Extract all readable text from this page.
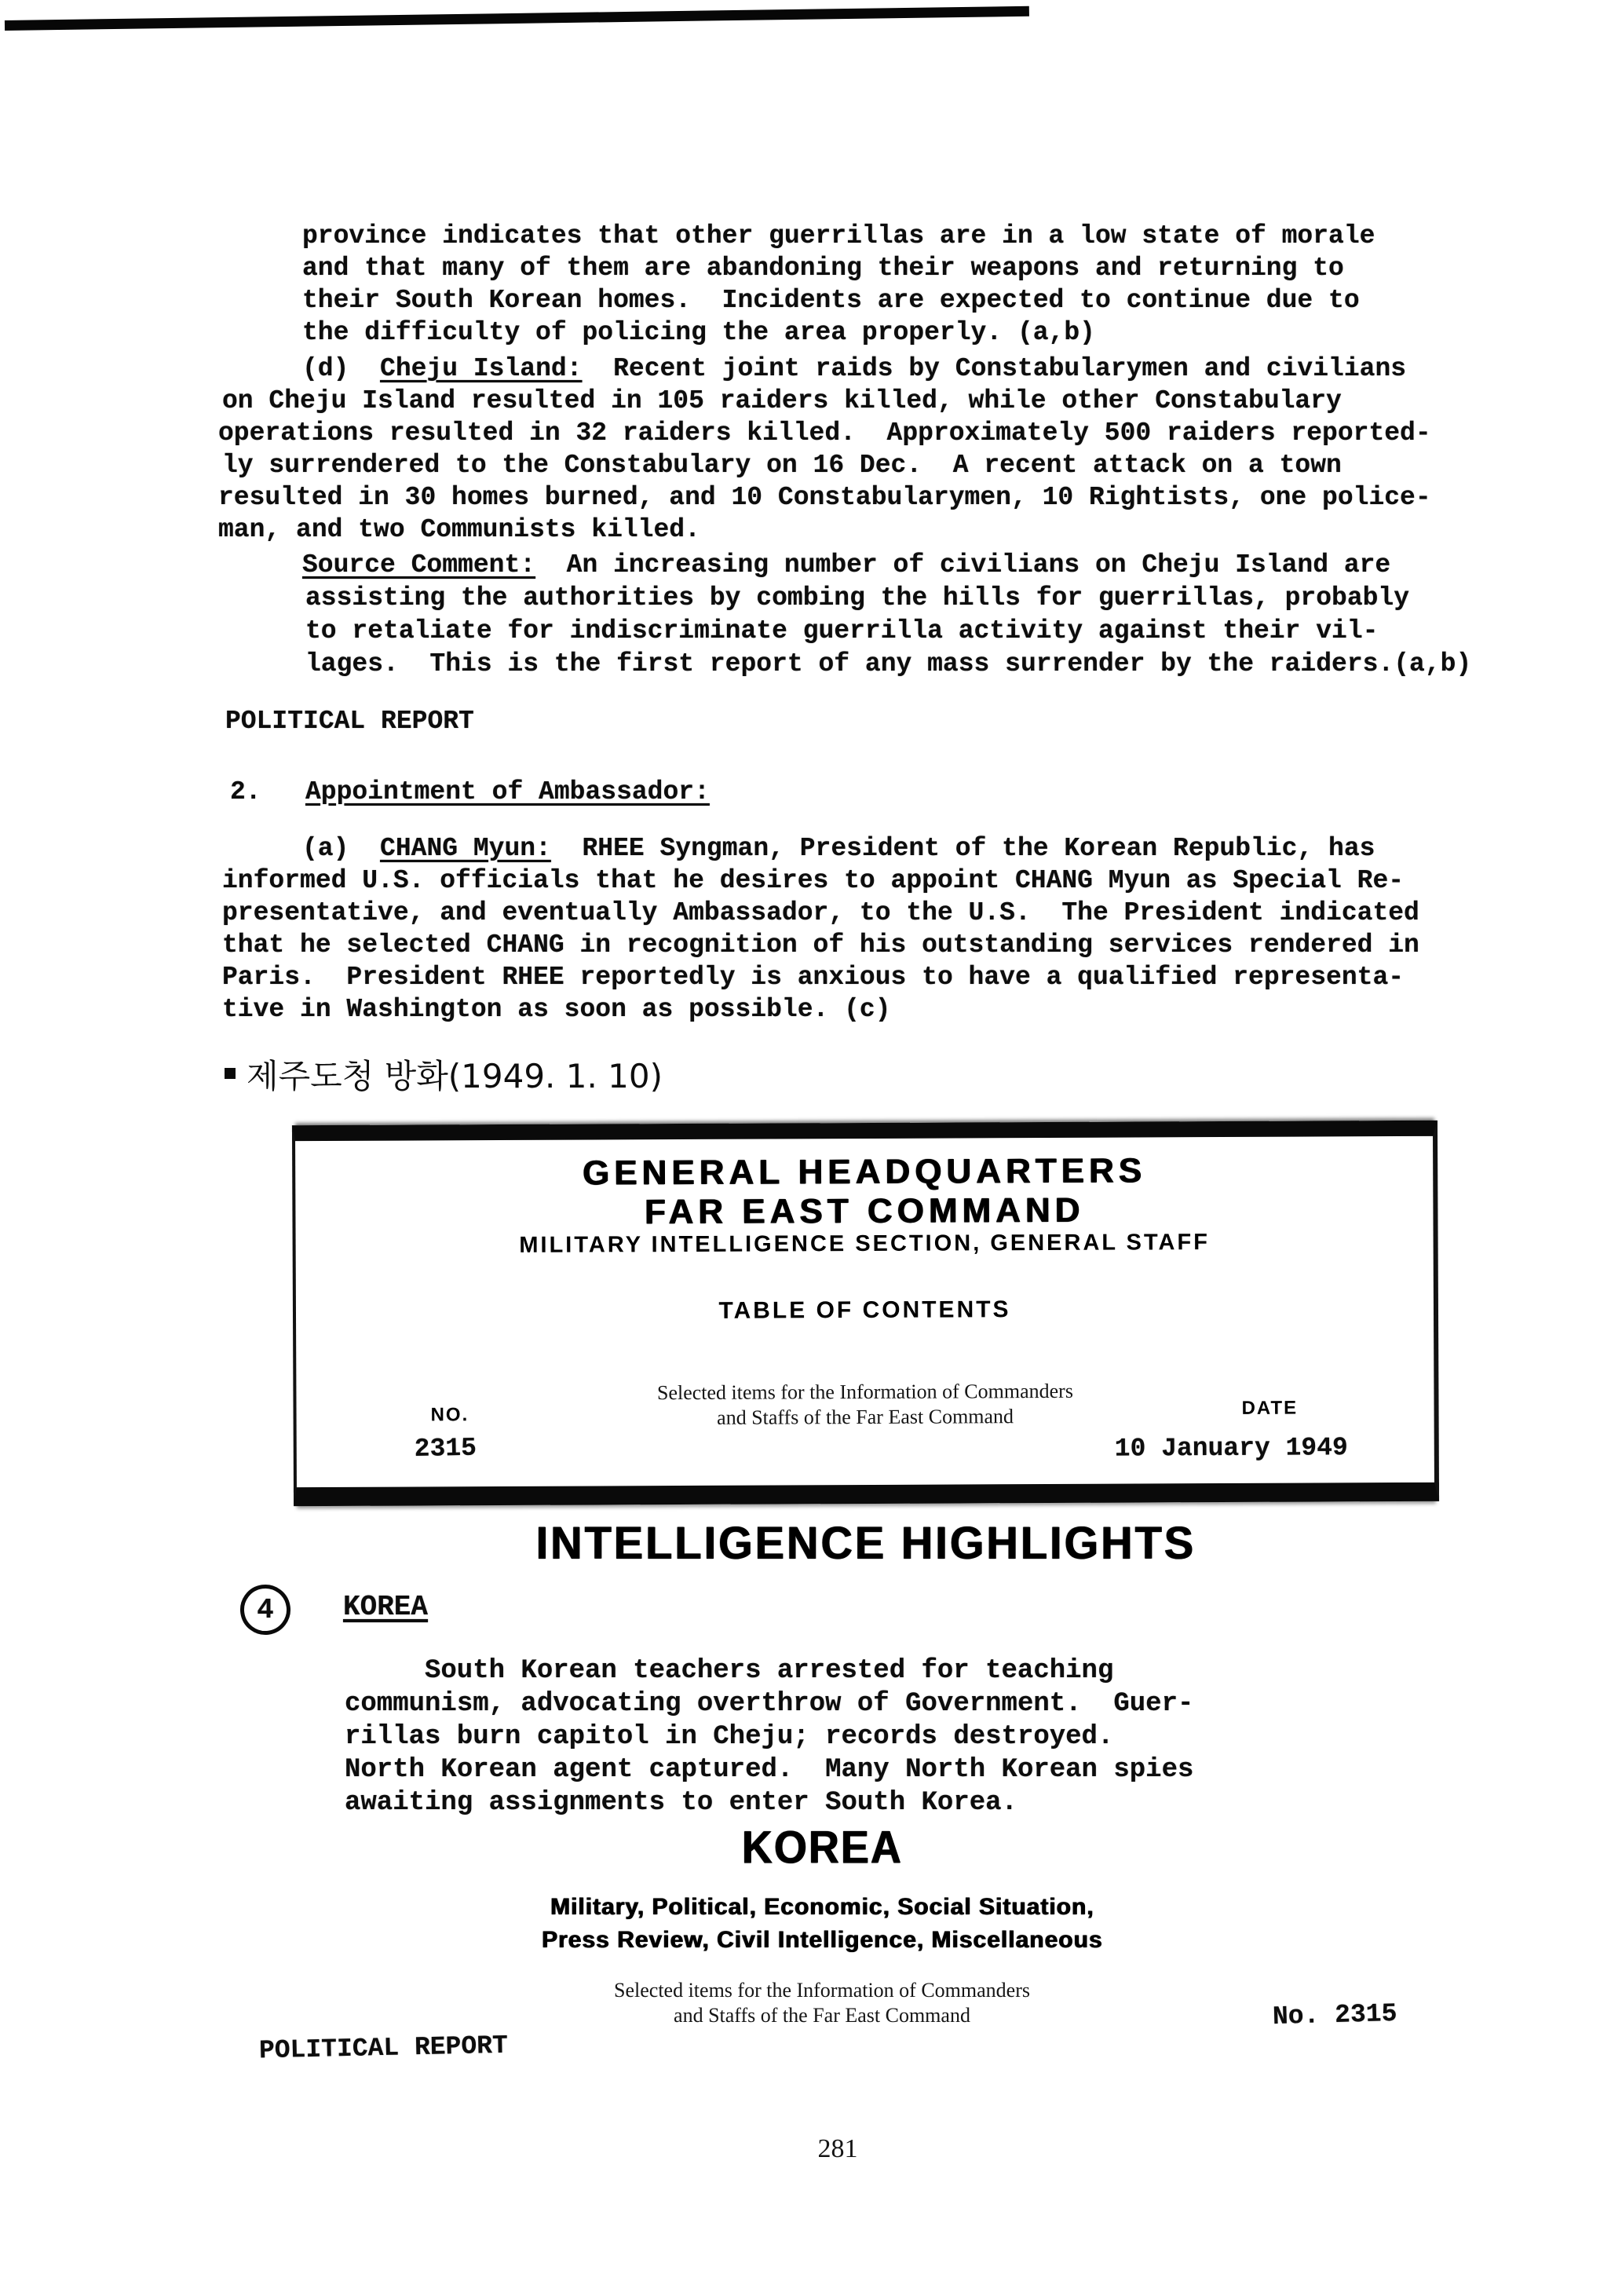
province indicates that other guerrillas are in a low state of morale
and that many of them are abandoning their weapons and returning to
their South Korean homes.  Incidents are expected to continue due to
the difficulty of policing the area properly. (a,b)
(d)  Cheju Island:  Recent joint raids by Constabularymen and civilians
on Cheju Island resulted in 105 raiders killed, while other Constabulary
operations resulted in 32 raiders killed.  Approximately 500 raiders reported-
ly surrendered to the Constabulary on 16 Dec.  A recent attack on a town
resulted in 30 homes burned, and 10 Constabularymen, 10 Rightists, one police-
man, and two Communists killed.
Source Comment:  An increasing number of civilians on Cheju Island are
assisting the authorities by combing the hills for guerrillas, probably
to retaliate for indiscriminate guerrilla activity against their vil-
lages.  This is the first report of any mass surrender by the raiders.(a,b)
POLITICAL REPORT
2. Appointment of Ambassador:
(a)  CHANG Myun:  RHEE Syngman, President of the Korean Republic, has
informed U.S. officials that he desires to appoint CHANG Myun as Special Re-
presentative, and eventually Ambassador, to the U.S.  The President indicated
that he selected CHANG in recognition of his outstanding services rendered in
Paris.  President RHEE reportedly is anxious to have a qualified representa-
tive in Washington as soon as possible. (c)
제주도청 방화(1949. 1. 10)
GENERAL HEADQUARTERS
FAR EAST COMMAND
MILITARY INTELLIGENCE SECTION, GENERAL STAFF
TABLE OF CONTENTS
Selected items for the Information of Commanders
and Staffs of the Far East Command
NO.	DATE
2315	10 January 1949
INTELLIGENCE HIGHLIGHTS
4 KOREA
South Korean teachers arrested for teaching
communism, advocating overthrow of Government.  Guer-
rillas burn capitol in Cheju; records destroyed.
North Korean agent captured.  Many North Korean spies
awaiting assignments to enter South Korea.
KOREA
Military, Political, Economic, Social Situation,
Press Review, Civil Intelligence, Miscellaneous
Selected items for the Information of Commanders
and Staffs of the Far East Command	No. 2315
POLITICAL REPORT
281
